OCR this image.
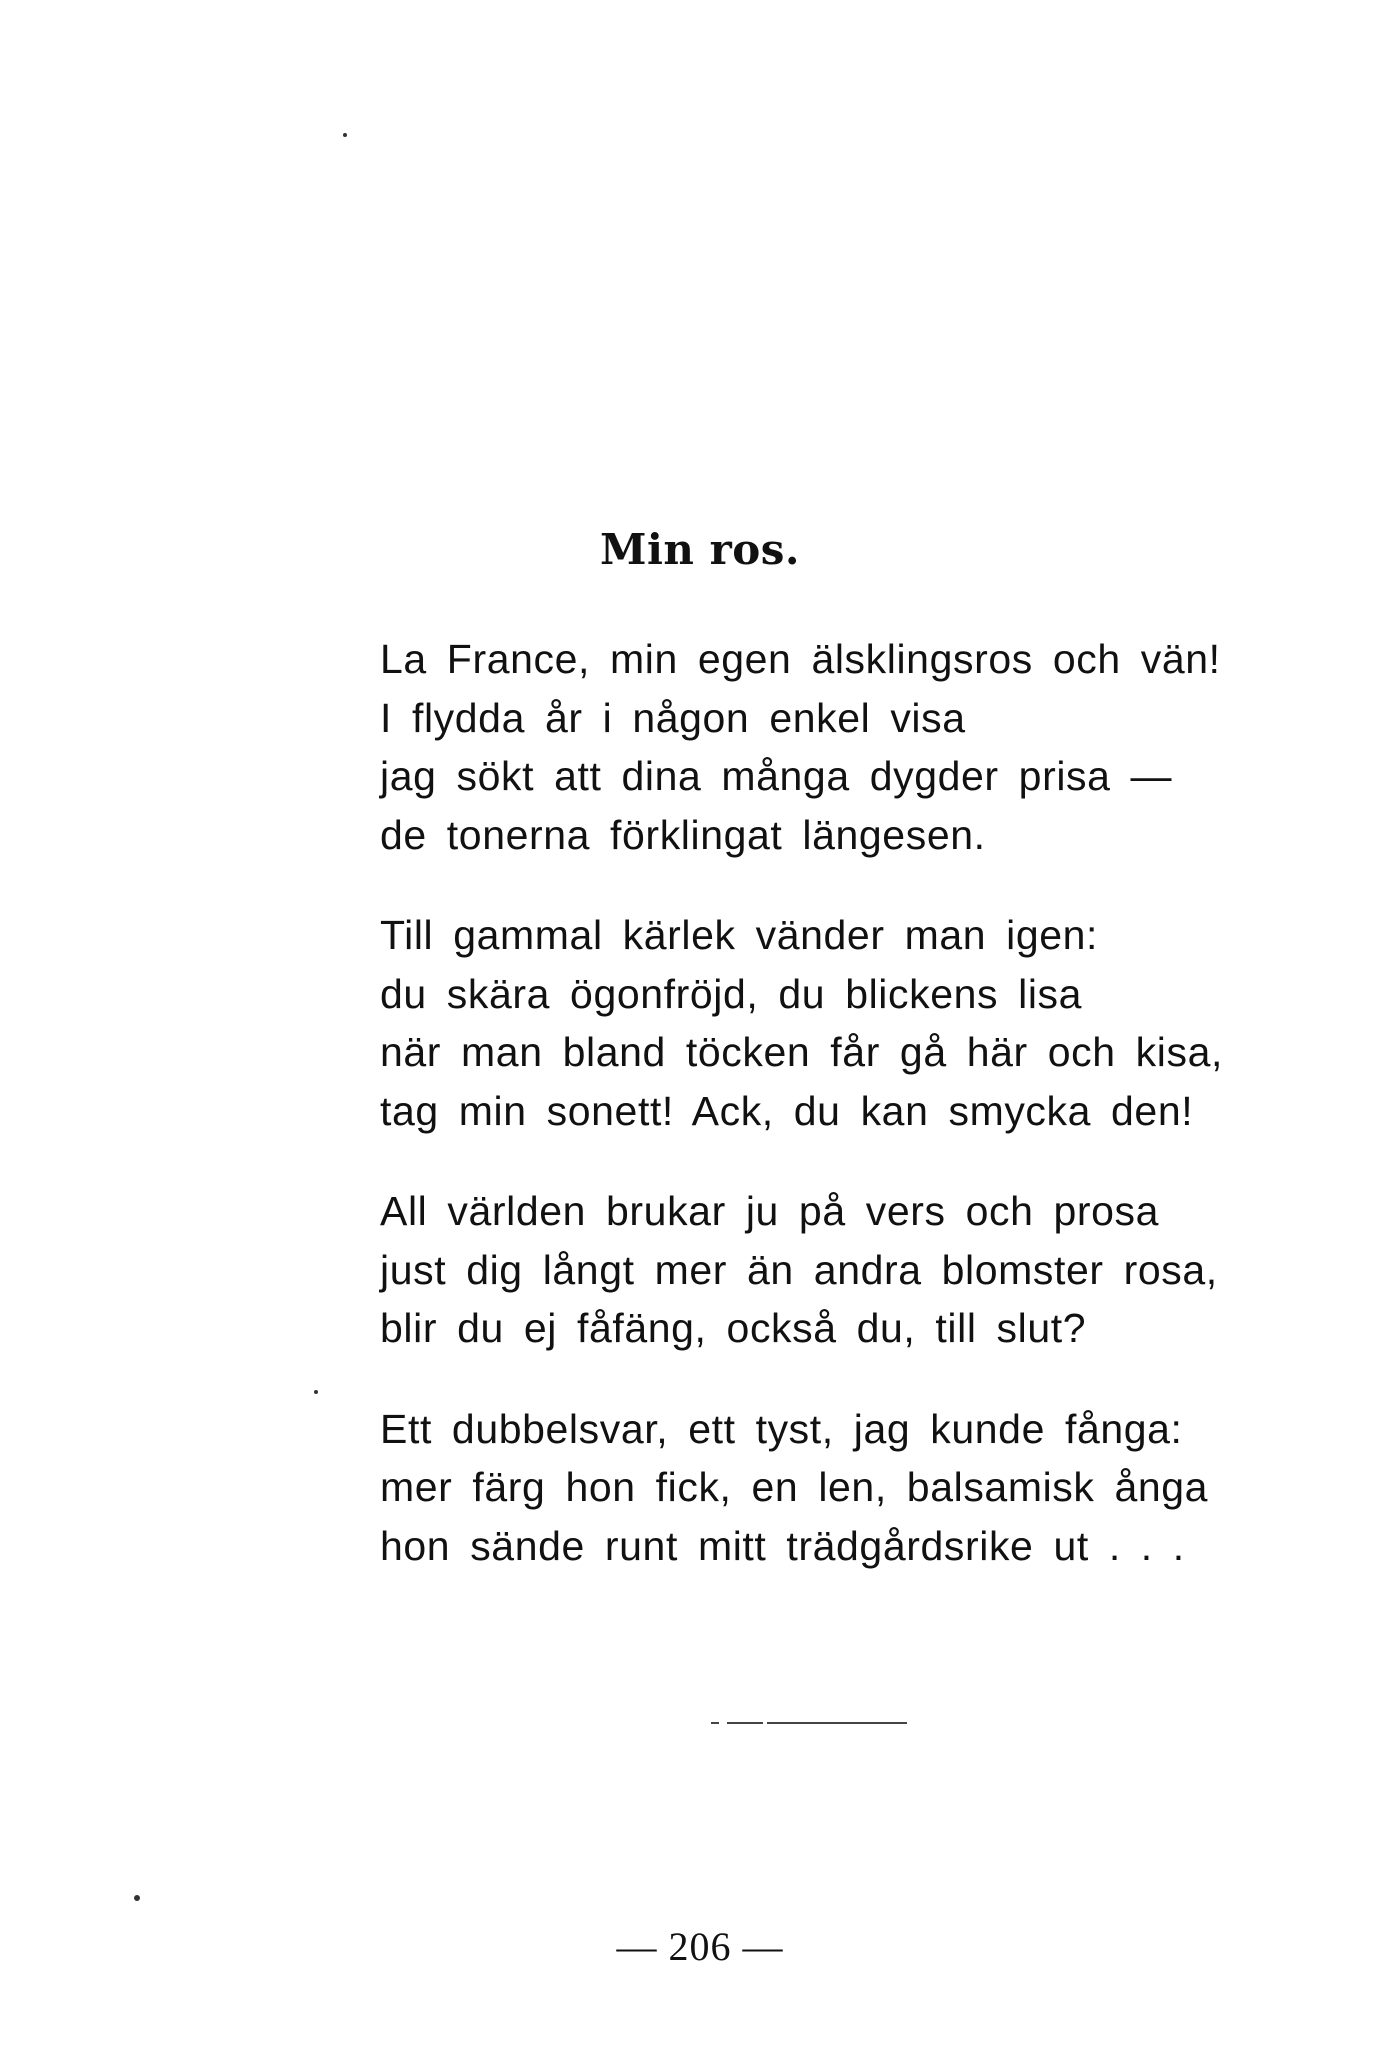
Min ros.
La France, min egen älsklingsros och vän!
I flydda år i någon enkel visa
jag sökt att dina många dygder prisa —
de tonerna förklingat längesen.
Till gammal kärlek vänder man igen:
du skära ögonfröjd, du blickens lisa
när man bland töcken får gå här och kisa,
tag min sonett! Ack, du kan smycka den!
All världen brukar ju på vers och prosa
just dig långt mer än andra blomster rosa,
blir du ej fåfäng, också du, till slut?
Ett dubbelsvar, ett tyst, jag kunde fånga:
mer färg hon fick, en len, balsamisk ånga
hon sände runt mitt trädgårdsrike ut . . .
— 206 —
